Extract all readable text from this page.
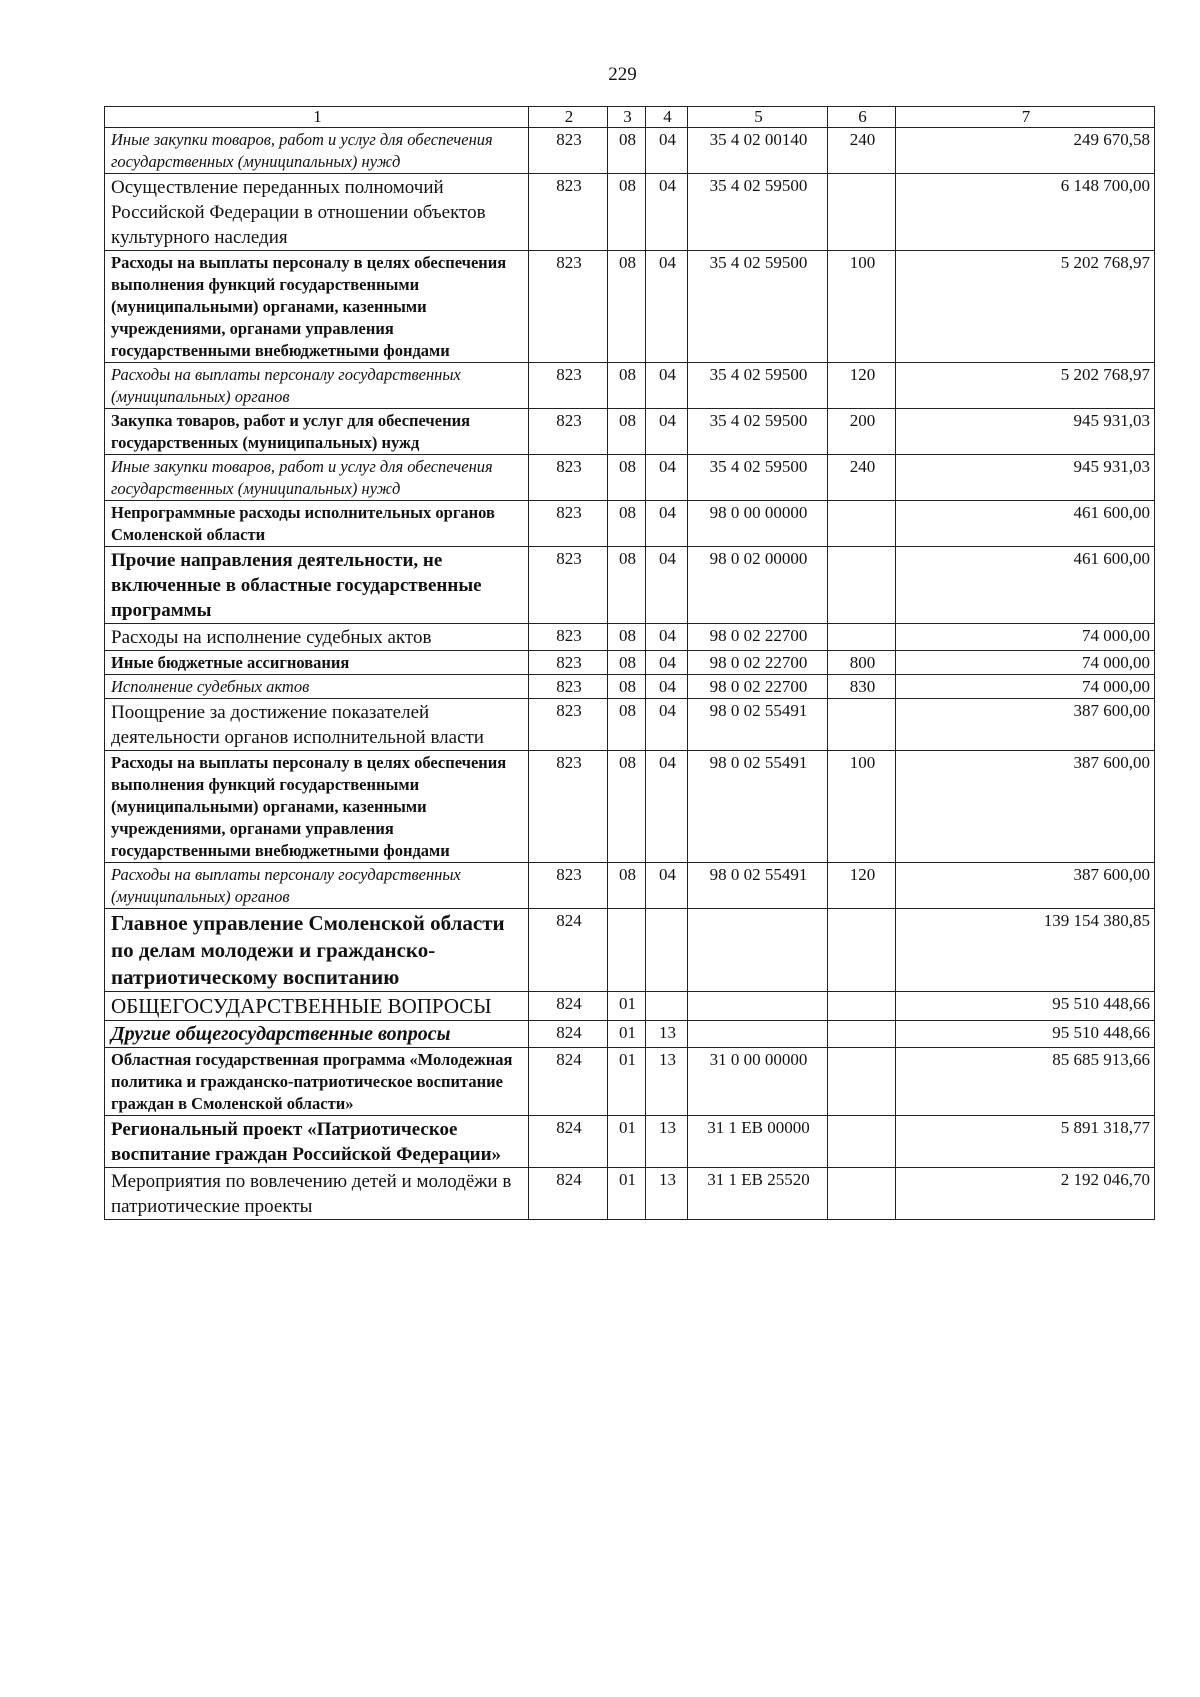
229
1	2	3	4	5	6	7
Иные закупки товаров, работ и услуг для обеспечения государственных (муниципальных) нужд	823	08	04	35 4 02 00140	240	249 670,58
Осуществление переданных полномочий Российской Федерации в отношении объектов культурного наследия	823	08	04	35 4 02 59500		6 148 700,00
Расходы на выплаты персоналу в целях обеспечения выполнения функций государственными (муниципальными) органами, казенными учреждениями, органами управления государственными внебюджетными фондами	823	08	04	35 4 02 59500	100	5 202 768,97
Расходы на выплаты персоналу государственных (муниципальных) органов	823	08	04	35 4 02 59500	120	5 202 768,97
Закупка товаров, работ и услуг для обеспечения государственных (муниципальных) нужд	823	08	04	35 4 02 59500	200	945 931,03
Иные закупки товаров, работ и услуг для обеспечения государственных (муниципальных) нужд	823	08	04	35 4 02 59500	240	945 931,03
Непрограммные расходы исполнительных органов Смоленской области	823	08	04	98 0 00 00000		461 600,00
Прочие направления деятельности, не включенные в областные государственные программы	823	08	04	98 0 02 00000		461 600,00
Расходы на исполнение судебных актов	823	08	04	98 0 02 22700		74 000,00
Иные бюджетные ассигнования	823	08	04	98 0 02 22700	800	74 000,00
Исполнение судебных актов	823	08	04	98 0 02 22700	830	74 000,00
Поощрение за достижение показателей деятельности органов исполнительной власти	823	08	04	98 0 02 55491		387 600,00
Расходы на выплаты персоналу в целях обеспечения выполнения функций государственными (муниципальными) органами, казенными учреждениями, органами управления государственными внебюджетными фондами	823	08	04	98 0 02 55491	100	387 600,00
Расходы на выплаты персоналу государственных (муниципальных) органов	823	08	04	98 0 02 55491	120	387 600,00
Главное управление Смоленской области по делам молодежи и гражданско-патриотическому воспитанию	824					139 154 380,85
ОБЩЕГОСУДАРСТВЕННЫЕ ВОПРОСЫ	824	01				95 510 448,66
Другие общегосударственные вопросы	824	01	13			95 510 448,66
Областная государственная программа «Молодежная политика и гражданско-патриотическое воспитание граждан в Смоленской области»	824	01	13	31 0 00 00000		85 685 913,66
Региональный проект «Патриотическое воспитание граждан Российской Федерации»	824	01	13	31 1 EB 00000		5 891 318,77
Мероприятия по вовлечению детей и молодёжи в патриотические проекты	824	01	13	31 1 EB 25520		2 192 046,70
